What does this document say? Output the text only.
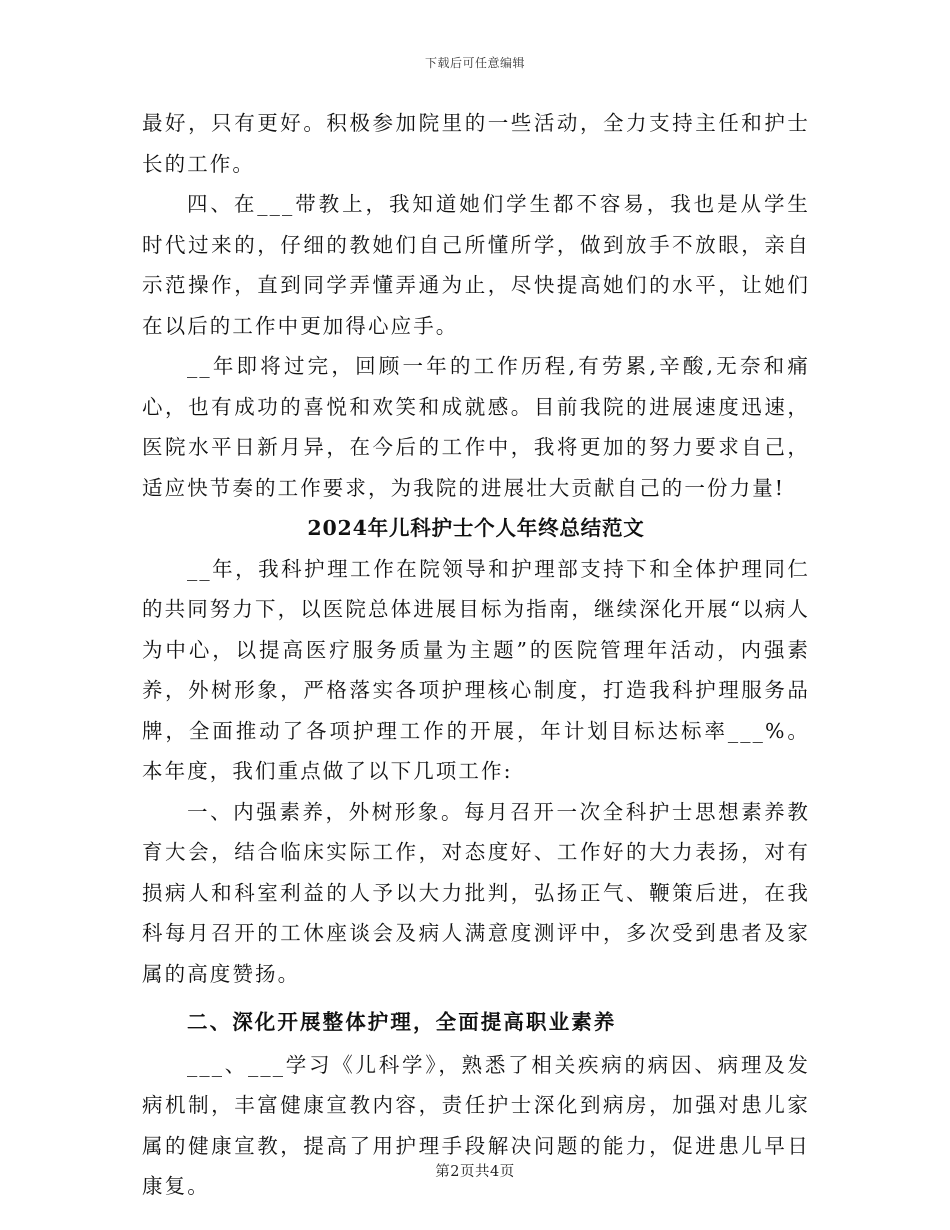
下载后可任意编辑

最好，只有更好。积极参加院里的一些活动，全力支持主任和护士长的工作。

四、在___带教上，我知道她们学生都不容易，我也是从学生时代过来的，仔细的教她们自己所懂所学，做到放手不放眼，亲自示范操作，直到同学弄懂弄通为止，尽快提高她们的水平，让她们在以后的工作中更加得心应手。

__年即将过完，回顾一年的工作历程,有劳累,辛酸,无奈和痛心，也有成功的喜悦和欢笑和成就感。目前我院的进展速度迅速，医院水平日新月异，在今后的工作中，我将更加的努力要求自己，适应快节奏的工作要求，为我院的进展壮大贡献自己的一份力量!

2024年儿科护士个人年终总结范文

__年，我科护理工作在院领导和护理部支持下和全体护理同仁的共同努力下，以医院总体进展目标为指南，继续深化开展“以病人为中心，以提高医疗服务质量为主题”的医院管理年活动，内强素养，外树形象，严格落实各项护理核心制度，打造我科护理服务品牌，全面推动了各项护理工作的开展，年计划目标达标率___%。本年度，我们重点做了以下几项工作:

一、内强素养，外树形象。每月召开一次全科护士思想素养教育大会，结合临床实际工作，对态度好、工作好的大力表扬，对有损病人和科室利益的人予以大力批判，弘扬正气、鞭策后进，在我科每月召开的工休座谈会及病人满意度测评中，多次受到患者及家属的高度赞扬。

二、深化开展整体护理，全面提高职业素养

___、___学习《儿科学》，熟悉了相关疾病的病因、病理及发病机制，丰富健康宣教内容，责任护士深化到病房，加强对患儿家属的健康宣教，提高了用护理手段解决问题的能力，促进患儿早日康复。

第2页共4页
